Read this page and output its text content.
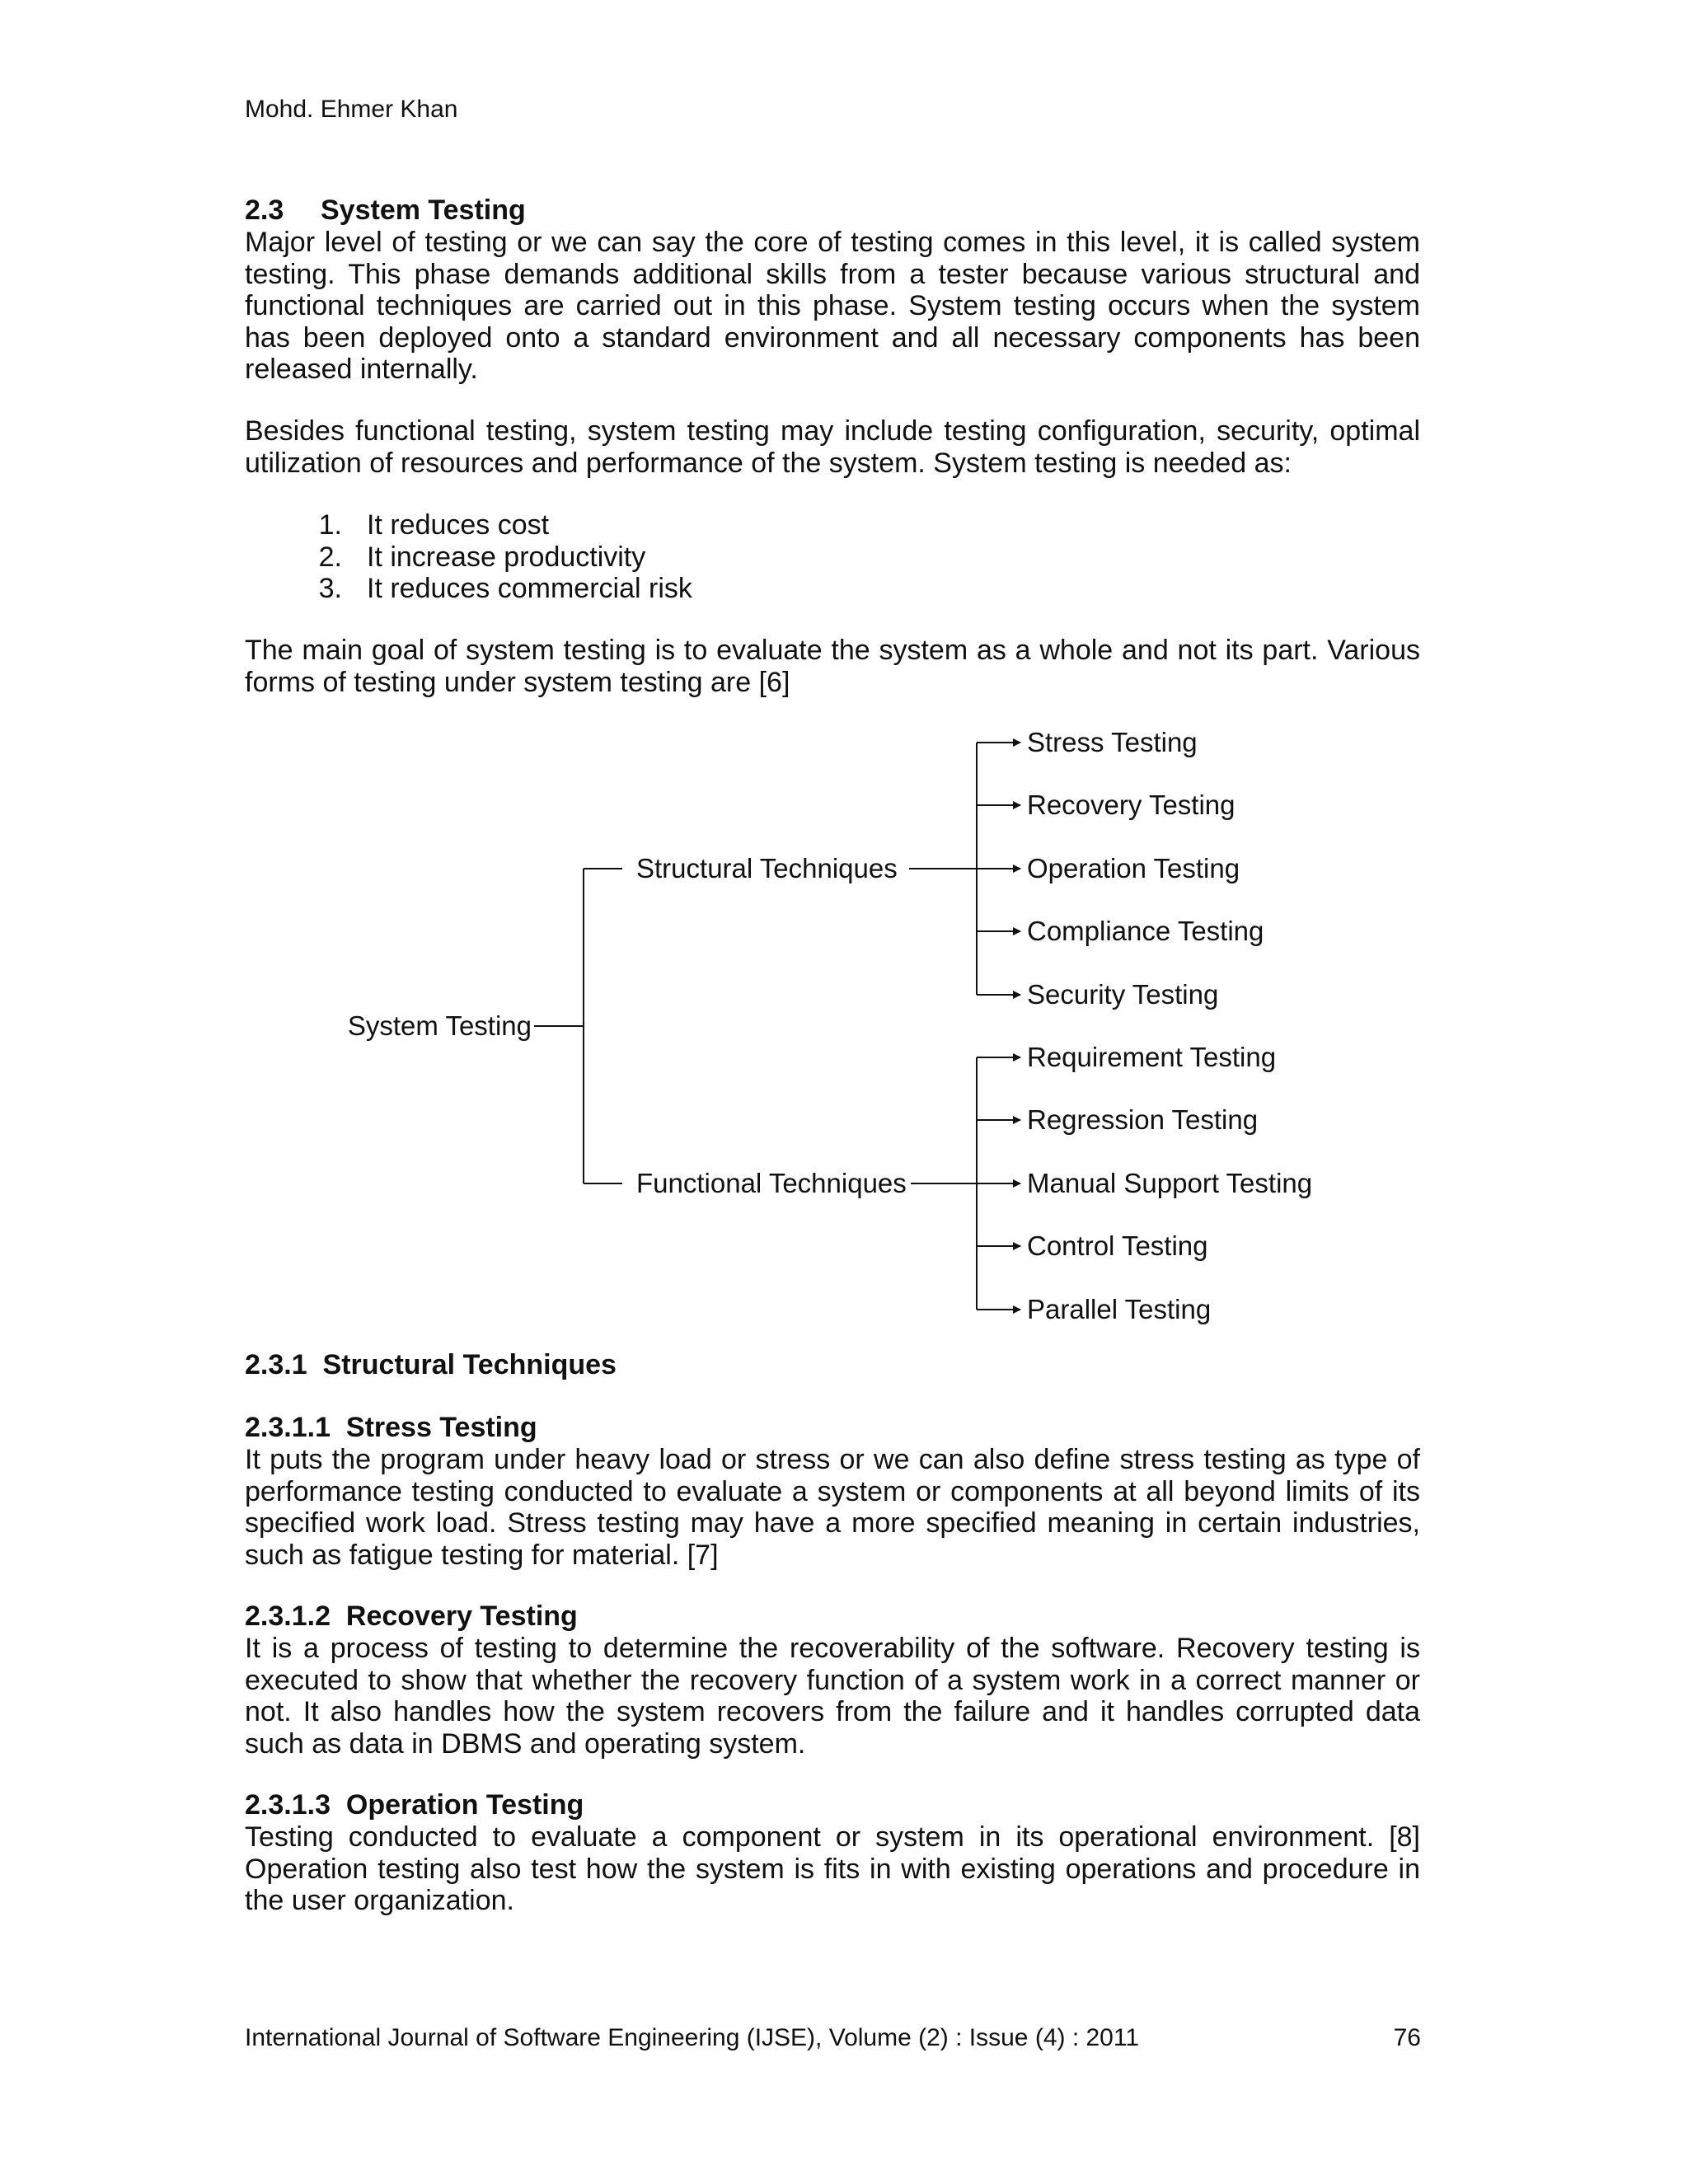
Mohd. Ehmer Khan
2.3 System Testing
Major level of testing or we can say the core of testing comes in this level, it is called system testing. This phase demands additional skills from a tester because various structural and functional techniques are carried out in this phase. System testing occurs when the system has been deployed onto a standard environment and all necessary components has been released internally.
Besides functional testing, system testing may include testing configuration, security, optimal utilization of resources and performance of the system. System testing is needed as:
1. It reduces cost
2. It increase productivity
3. It reduces commercial risk
The main goal of system testing is to evaluate the system as a whole and not its part. Various forms of testing under system testing are [6]
System Testing
Structural Techniques
Functional Techniques
Stress Testing
Recovery Testing
Operation Testing
Compliance Testing
Security Testing
Requirement Testing
Regression Testing
Manual Support Testing
Control Testing
Parallel Testing
2.3.1 Structural Techniques
2.3.1.1 Stress Testing
It puts the program under heavy load or stress or we can also define stress testing as type of performance testing conducted to evaluate a system or components at all beyond limits of its specified work load. Stress testing may have a more specified meaning in certain industries, such as fatigue testing for material. [7]
2.3.1.2 Recovery Testing
It is a process of testing to determine the recoverability of the software. Recovery testing is executed to show that whether the recovery function of a system work in a correct manner or not. It also handles how the system recovers from the failure and it handles corrupted data such as data in DBMS and operating system.
2.3.1.3 Operation Testing
Testing conducted to evaluate a component or system in its operational environment. [8] Operation testing also test how the system is fits in with existing operations and procedure in the user organization.
International Journal of Software Engineering (IJSE), Volume (2) : Issue (4) : 2011	76
